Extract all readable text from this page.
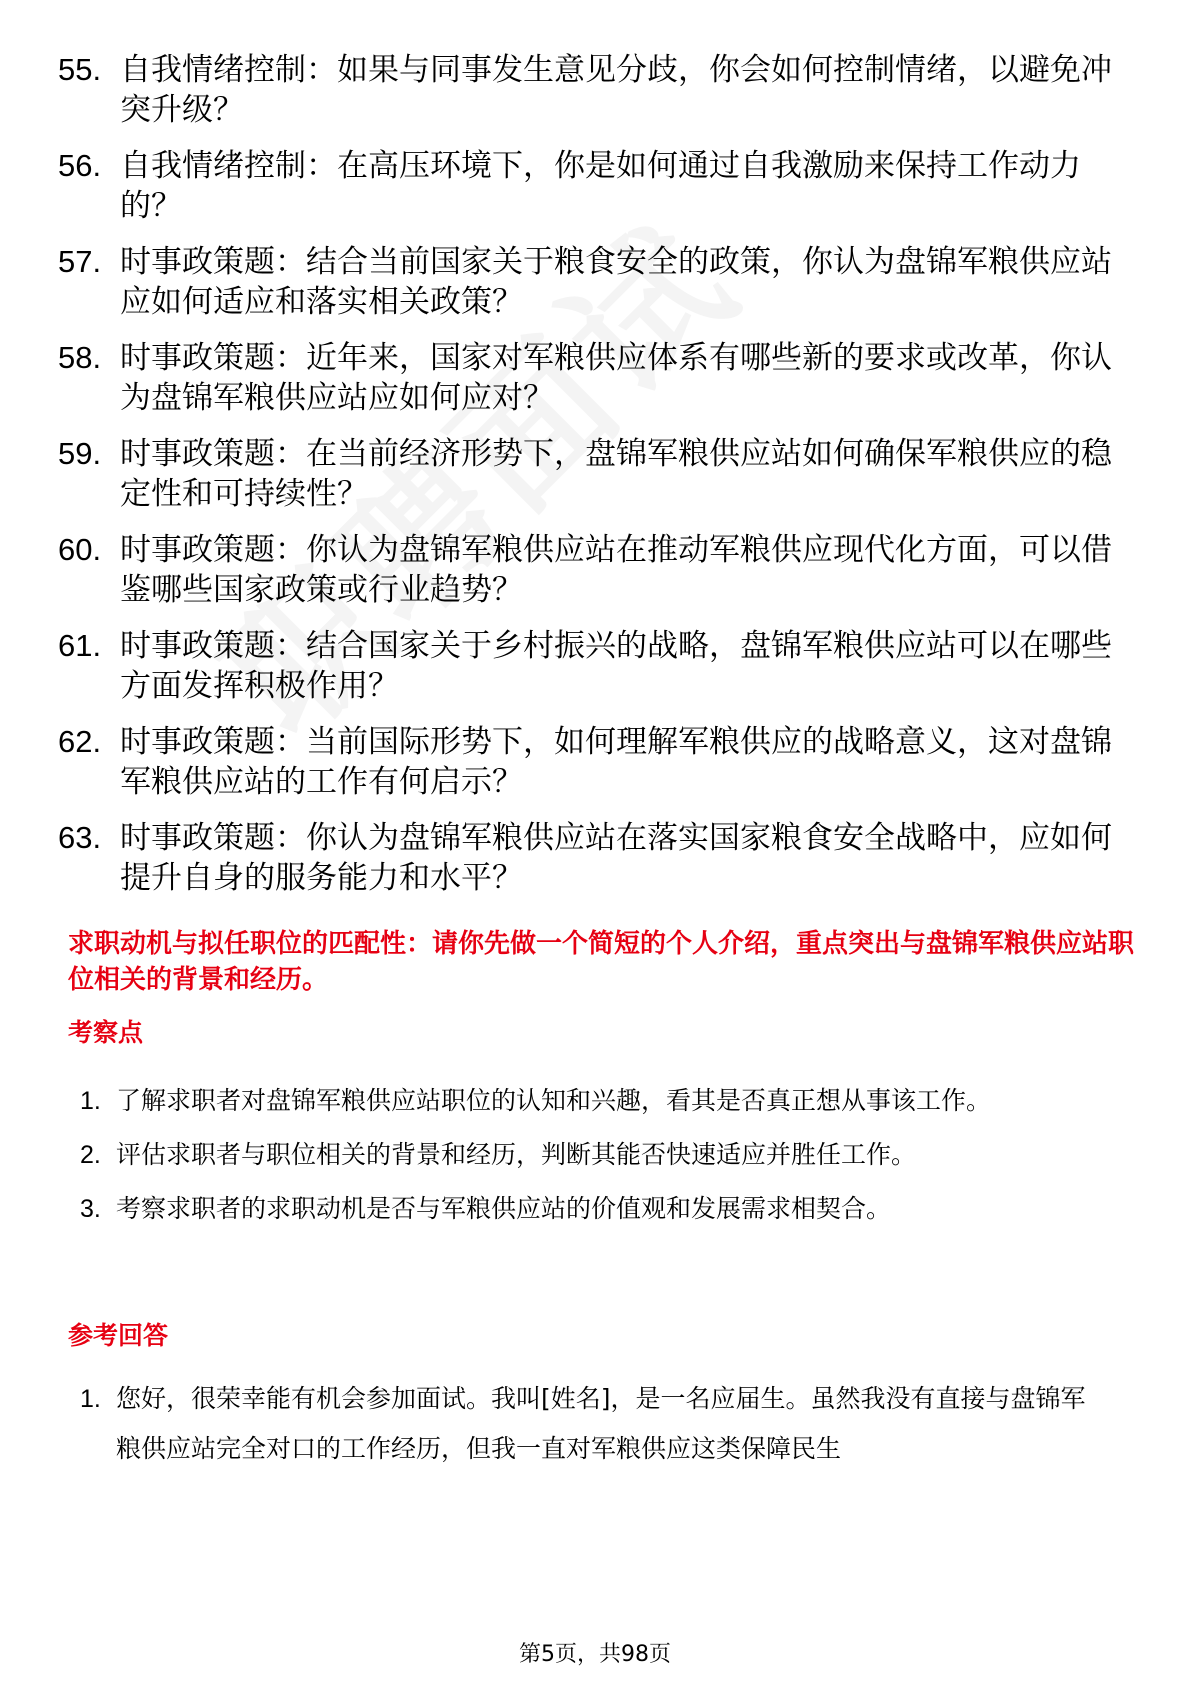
55. 自我情绪控制：如果与同事发生意见分歧，你会如何控制情绪，以避免冲突升级？
56. 自我情绪控制：在高压环境下，你是如何通过自我激励来保持工作动力的？
57. 时事政策题：结合当前国家关于粮食安全的政策，你认为盘锦军粮供应站应如何适应和落实相关政策？
58. 时事政策题：近年来，国家对军粮供应体系有哪些新的要求或改革，你认为盘锦军粮供应站应如何应对？
59. 时事政策题：在当前经济形势下，盘锦军粮供应站如何确保军粮供应的稳定性和可持续性？
60. 时事政策题：你认为盘锦军粮供应站在推动军粮供应现代化方面，可以借鉴哪些国家政策或行业趋势？
61. 时事政策题：结合国家关于乡村振兴的战略，盘锦军粮供应站可以在哪些方面发挥积极作用？
62. 时事政策题：当前国际形势下，如何理解军粮供应的战略意义，这对盘锦军粮供应站的工作有何启示？
63. 时事政策题：你认为盘锦军粮供应站在落实国家粮食安全战略中，应如何提升自身的服务能力和水平？
求职动机与拟任职位的匹配性：请你先做一个简短的个人介绍，重点突出与盘锦军粮供应站职位相关的背景和经历。
考察点
1. 了解求职者对盘锦军粮供应站职位的认知和兴趣，看其是否真正想从事该工作。
2. 评估求职者与职位相关的背景和经历，判断其能否快速适应并胜任工作。
3. 考察求职者的求职动机是否与军粮供应站的价值观和发展需求相契合。
参考回答
1. 您好，很荣幸能有机会参加面试。我叫[姓名]，是一名应届生。虽然我没有直接与盘锦军粮供应站完全对口的工作经历，但我一直对军粮供应这类保障民生
第5页，共98页
